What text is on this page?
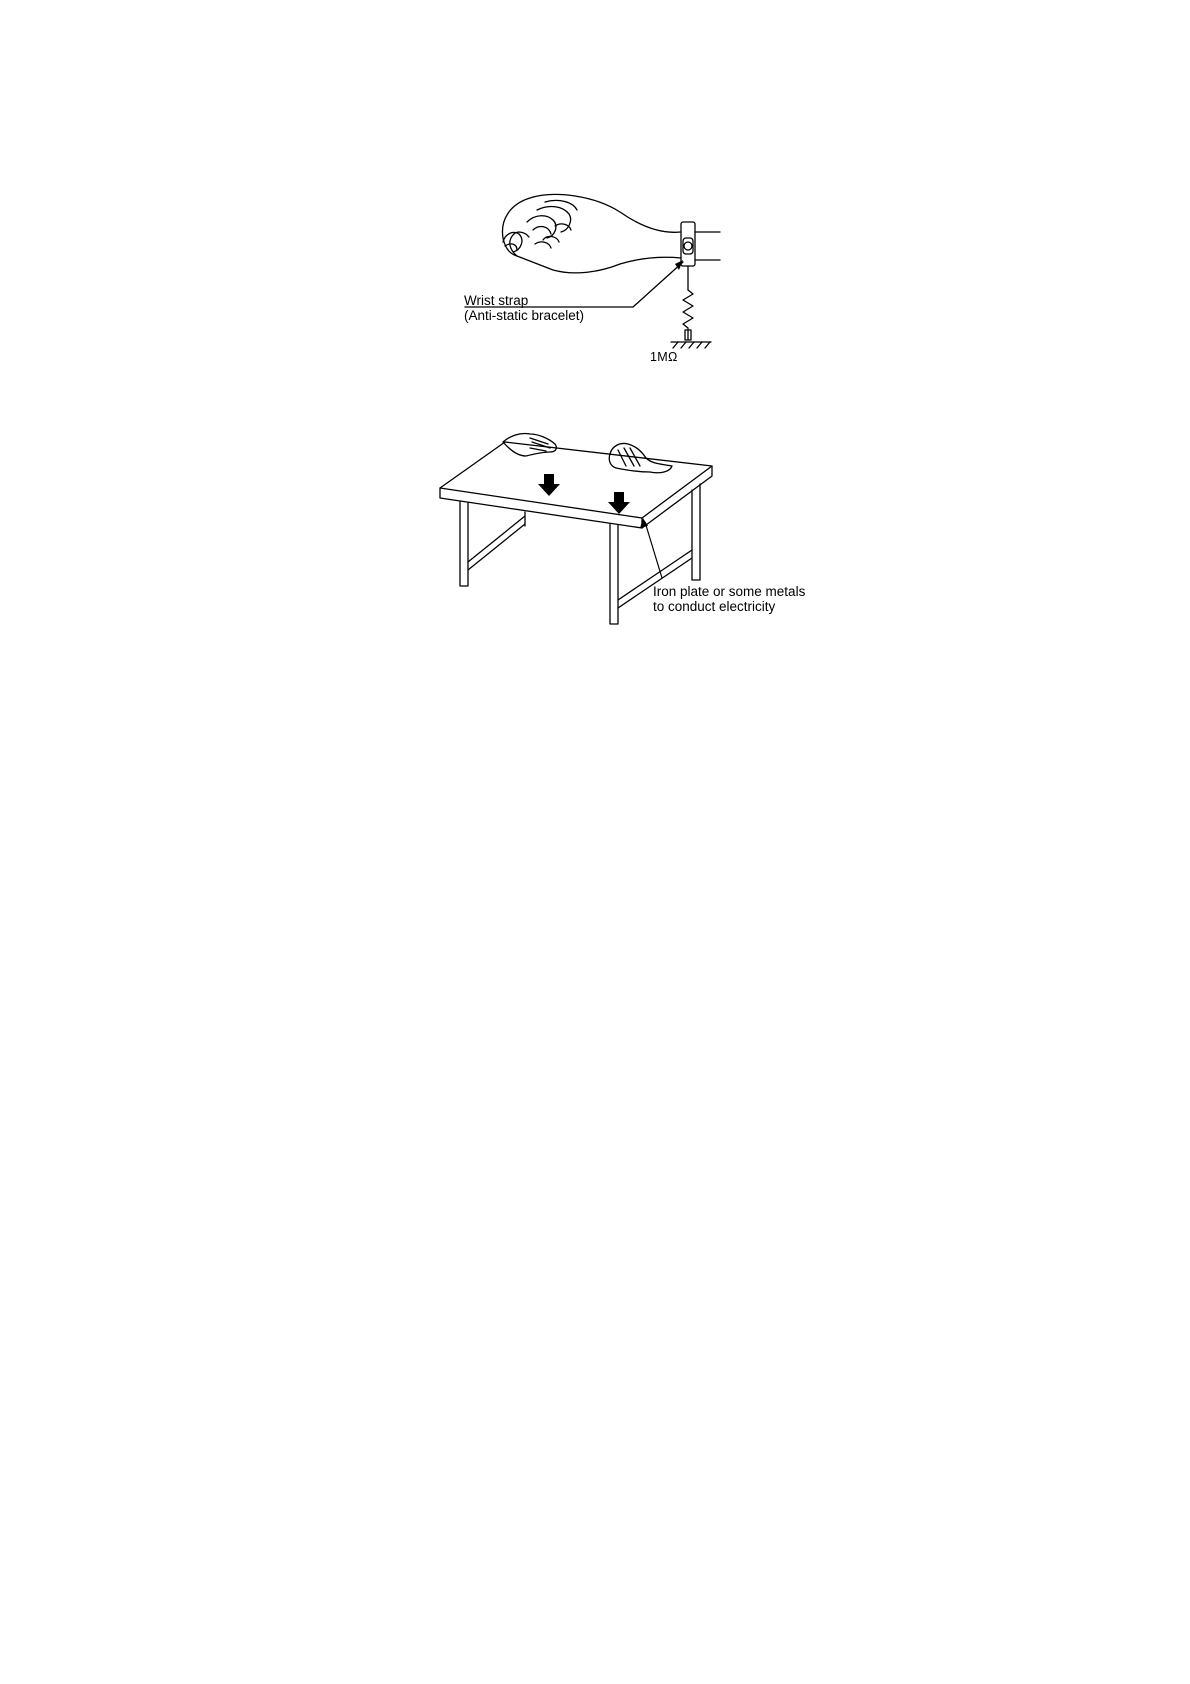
Wrist strap
(Anti-static bracelet)
1MΩ
Iron plate or some metals
to conduct electricity
